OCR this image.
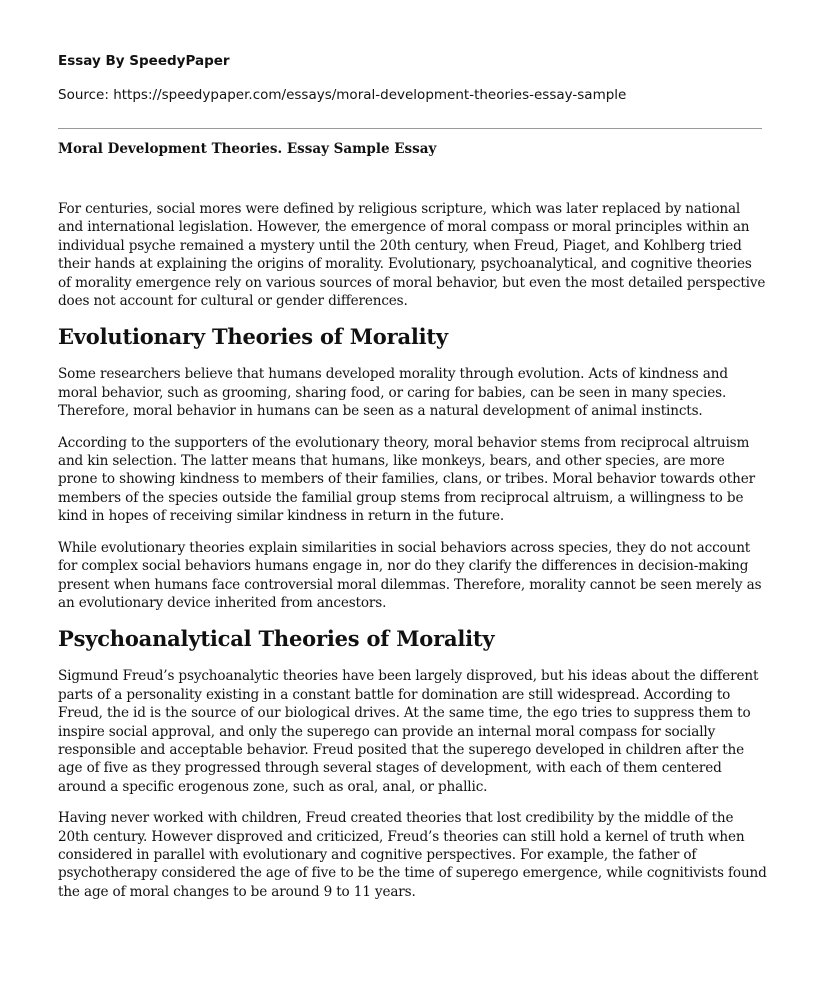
Essay By SpeedyPaper

Source: https://speedypaper.com/essays/moral-development-theories-essay-sample

Moral Development Theories. Essay Sample Essay

For centuries, social mores were defined by religious scripture, which was later replaced by national and international legislation. However, the emergence of moral compass or moral principles within an individual psyche remained a mystery until the 20th century, when Freud, Piaget, and Kohlberg tried their hands at explaining the origins of morality. Evolutionary, psychoanalytical, and cognitive theories of morality emergence rely on various sources of moral behavior, but even the most detailed perspective does not account for cultural or gender differences.

Evolutionary Theories of Morality

Some researchers believe that humans developed morality through evolution. Acts of kindness and moral behavior, such as grooming, sharing food, or caring for babies, can be seen in many species. Therefore, moral behavior in humans can be seen as a natural development of animal instincts.

According to the supporters of the evolutionary theory, moral behavior stems from reciprocal altruism and kin selection. The latter means that humans, like monkeys, bears, and other species, are more prone to showing kindness to members of their families, clans, or tribes. Moral behavior towards other members of the species outside the familial group stems from reciprocal altruism, a willingness to be kind in hopes of receiving similar kindness in return in the future.

While evolutionary theories explain similarities in social behaviors across species, they do not account for complex social behaviors humans engage in, nor do they clarify the differences in decision-making present when humans face controversial moral dilemmas. Therefore, morality cannot be seen merely as an evolutionary device inherited from ancestors.

Psychoanalytical Theories of Morality

Sigmund Freud’s psychoanalytic theories have been largely disproved, but his ideas about the different parts of a personality existing in a constant battle for domination are still widespread. According to Freud, the id is the source of our biological drives. At the same time, the ego tries to suppress them to inspire social approval, and only the superego can provide an internal moral compass for socially responsible and acceptable behavior. Freud posited that the superego developed in children after the age of five as they progressed through several stages of development, with each of them centered around a specific erogenous zone, such as oral, anal, or phallic.

Having never worked with children, Freud created theories that lost credibility by the middle of the 20th century. However disproved and criticized, Freud’s theories can still hold a kernel of truth when considered in parallel with evolutionary and cognitive perspectives. For example, the father of psychotherapy considered the age of five to be the time of superego emergence, while cognitivists found the age of moral changes to be around 9 to 11 years.
